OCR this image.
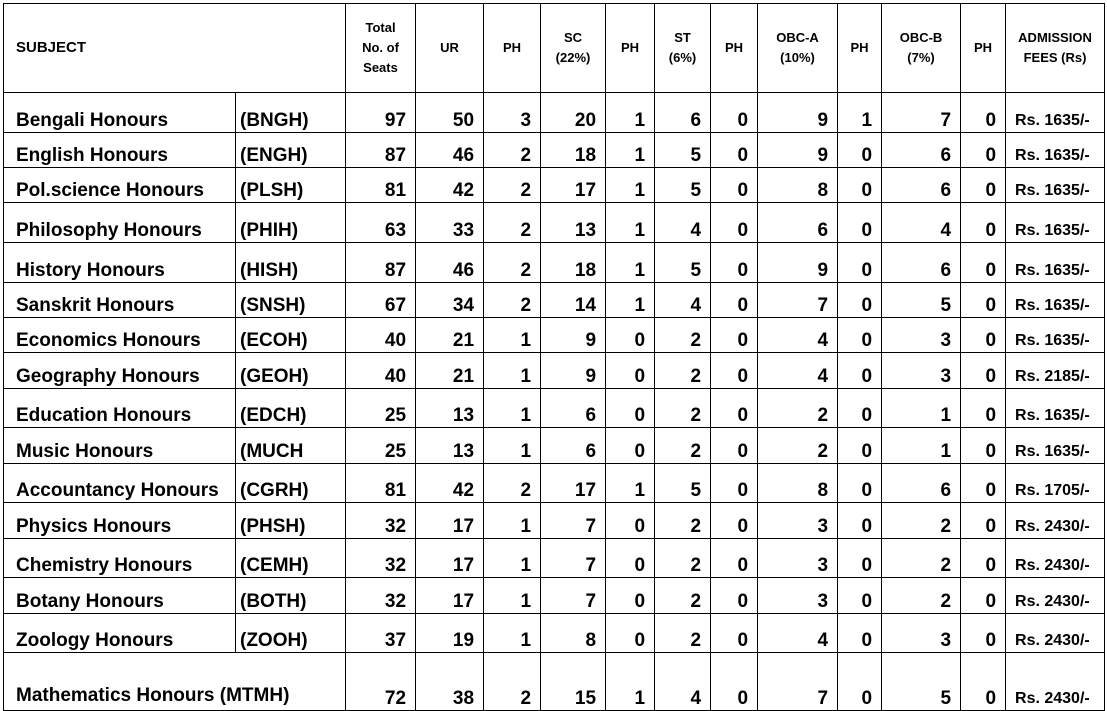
SUBJECT		Total
No. of
Seats	UR	PH	SC
(22%)	PH	ST
(6%)	PH	OBC-A
(10%)	PH	OBC-B
(7%)	PH	ADMISSION
FEES (Rs)
Bengali Honours	(BNGH)	97	50	3	20	1	6	0	9	1	7	0	Rs. 1635/-
English Honours	(ENGH)	87	46	2	18	1	5	0	9	0	6	0	Rs. 1635/-
Pol.science Honours	(PLSH)	81	42	2	17	1	5	0	8	0	6	0	Rs. 1635/-
Philosophy Honours	(PHIH)	63	33	2	13	1	4	0	6	0	4	0	Rs. 1635/-
History Honours	(HISH)	87	46	2	18	1	5	0	9	0	6	0	Rs. 1635/-
Sanskrit Honours	(SNSH)	67	34	2	14	1	4	0	7	0	5	0	Rs. 1635/-
Economics Honours	(ECOH)	40	21	1	9	0	2	0	4	0	3	0	Rs. 1635/-
Geography Honours	(GEOH)	40	21	1	9	0	2	0	4	0	3	0	Rs. 2185/-
Education Honours	(EDCH)	25	13	1	6	0	2	0	2	0	1	0	Rs. 1635/-
Music Honours	(MUCH	25	13	1	6	0	2	0	2	0	1	0	Rs. 1635/-
Accountancy Honours	(CGRH)	81	42	2	17	1	5	0	8	0	6	0	Rs. 1705/-
Physics Honours	(PHSH)	32	17	1	7	0	2	0	3	0	2	0	Rs. 2430/-
Chemistry Honours	(CEMH)	32	17	1	7	0	2	0	3	0	2	0	Rs. 2430/-
Botany Honours	(BOTH)	32	17	1	7	0	2	0	3	0	2	0	Rs. 2430/-
Zoology Honours	(ZOOH)	37	19	1	8	0	2	0	4	0	3	0	Rs. 2430/-
Mathematics Honours (MTMH)		72	38	2	15	1	4	0	7	0	5	0	Rs. 2430/-
